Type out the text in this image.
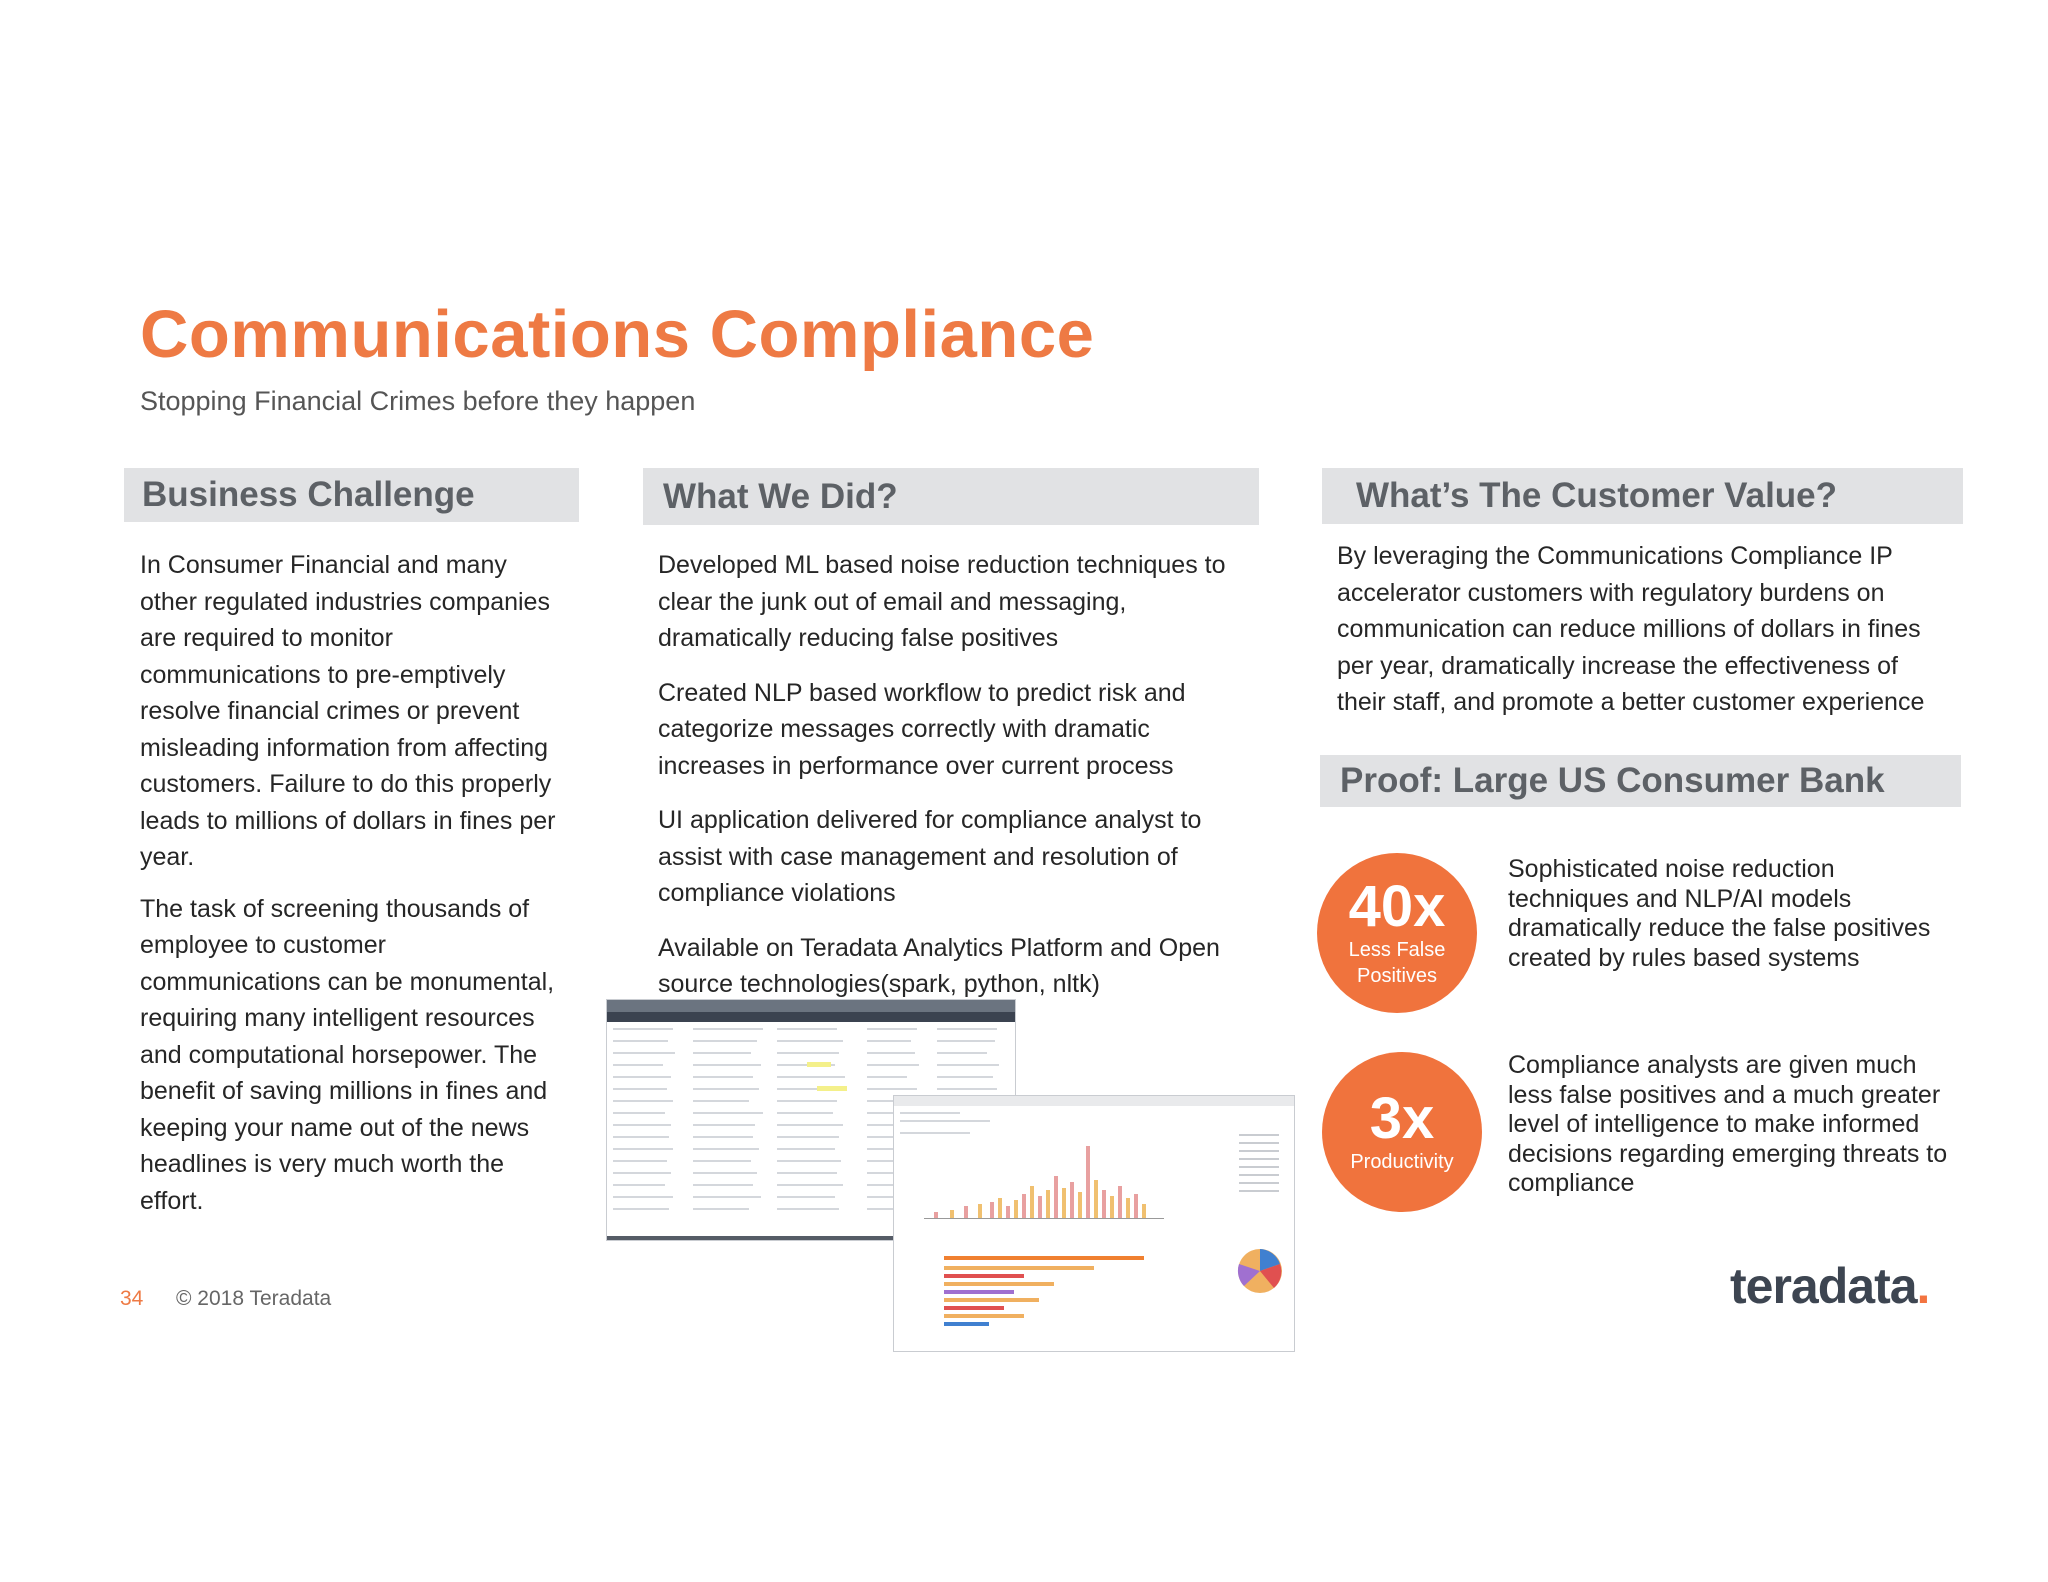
Communications Compliance
Stopping Financial Crimes before they happen
Business Challenge

In Consumer Financial and many other regulated industries companies are required to monitor communications to pre-emptively resolve financial crimes or prevent misleading information from affecting customers. Failure to do this properly leads to millions of dollars in fines per year.

The task of screening thousands of employee to customer communications can be monumental, requiring many intelligent resources and computational horsepower. The benefit of saving millions in fines and keeping your name out of the news headlines is very much worth the effort.

What We Did?

Developed ML based noise reduction techniques to clear the junk out of email and messaging, dramatically reducing false positives

Created NLP based workflow to predict risk and categorize messages correctly with dramatic increases in performance over current process

UI application delivered for compliance analyst to assist with case management and resolution of compliance violations

Available on Teradata Analytics Platform and Open source technologies(spark, python, nltk)

What’s The Customer Value?

By leveraging the Communications Compliance IP accelerator customers with regulatory burdens on communication can reduce millions of dollars in fines per year, dramatically increase the effectiveness of their staff, and promote a better customer experience

Proof: Large US Consumer Bank
40x
Less False Positives
Sophisticated noise reduction techniques and NLP/AI models dramatically reduce the false positives created by rules based systems
3x
Productivity
Compliance analysts are given much less false positives and a much greater level of intelligence to make informed decisions regarding emerging threats to compliance
34 © 2018 Teradata	teradata.
